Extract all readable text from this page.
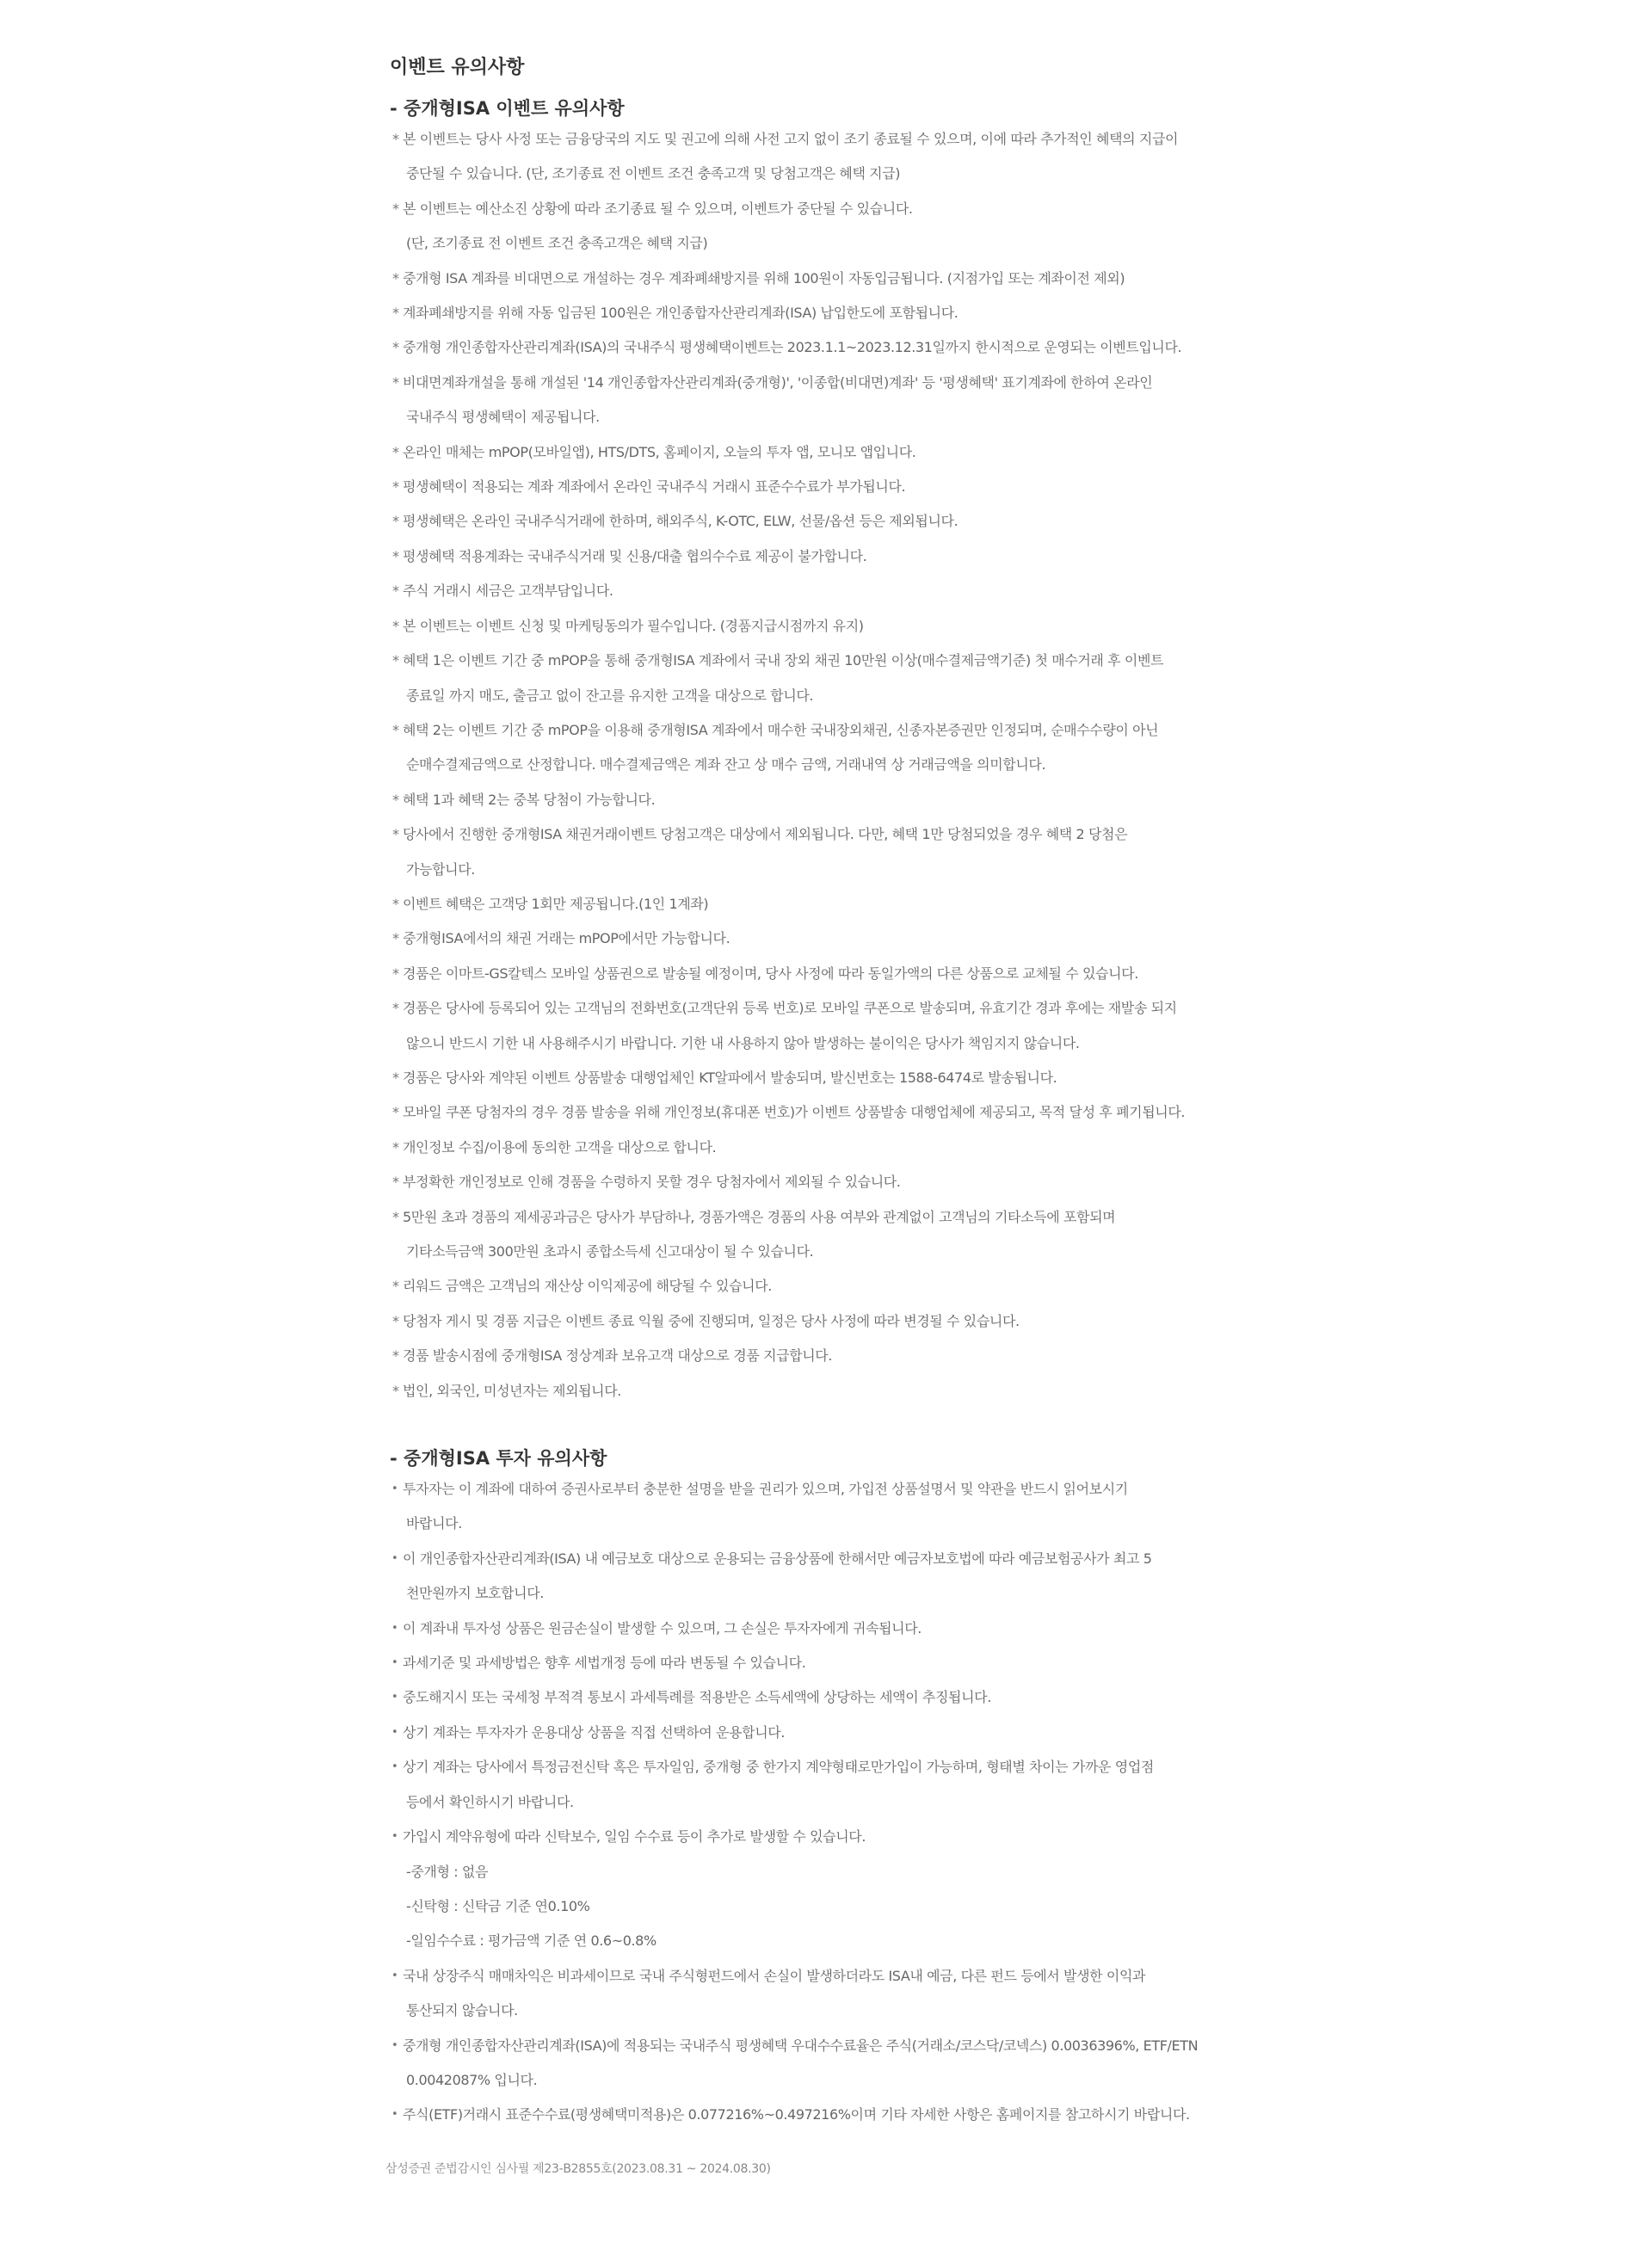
이벤트 유의사항
- 중개형ISA 이벤트 유의사항
* 본 이벤트는 당사 사정 또는 금융당국의 지도 및 권고에 의해 사전 고지 없이 조기 종료될 수 있으며, 이에 따라 추가적인 혜택의 지급이
중단될 수 있습니다. (단, 조기종료 전 이벤트 조건 충족고객 및 당첨고객은 혜택 지급)
* 본 이벤트는 예산소진 상황에 따라 조기종료 될 수 있으며, 이벤트가 중단될 수 있습니다.
(단, 조기종료 전 이벤트 조건 충족고객은 혜택 지급)
* 중개형 ISA 계좌를 비대면으로 개설하는 경우 계좌폐쇄방지를 위해 100원이 자동입금됩니다. (지점가입 또는 계좌이전 제외)
* 계좌폐쇄방지를 위해 자동 입금된 100원은 개인종합자산관리계좌(ISA) 납입한도에 포함됩니다.
* 중개형 개인종합자산관리계좌(ISA)의 국내주식 평생혜택이벤트는 2023.1.1~2023.12.31일까지 한시적으로 운영되는 이벤트입니다.
* 비대면계좌개설을 통해 개설된 '14 개인종합자산관리계좌(중개형)', '이종합(비대면)계좌' 등 '평생혜택' 표기계좌에 한하여 온라인
국내주식 평생혜택이 제공됩니다.
* 온라인 매체는 mPOP(모바일앱), HTS/DTS, 홈페이지, 오늘의 투자 앱, 모니모 앱입니다.
* 평생혜택이 적용되는 계좌 계좌에서 온라인 국내주식 거래시 표준수수료가 부가됩니다.
* 평생혜택은 온라인 국내주식거래에 한하며, 해외주식, K-OTC, ELW, 선물/옵션 등은 제외됩니다.
* 평생혜택 적용계좌는 국내주식거래 및 신용/대출 협의수수료 제공이 불가합니다.
* 주식 거래시 세금은 고객부담입니다.
* 본 이벤트는 이벤트 신청 및 마케팅동의가 필수입니다. (경품지급시점까지 유지)
* 혜택 1은 이벤트 기간 중 mPOP을 통해 중개형ISA 계좌에서 국내 장외 채권 10만원 이상(매수결제금액기준) 첫 매수거래 후 이벤트
종료일 까지 매도, 출금고 없이 잔고를 유지한 고객을 대상으로 합니다.
* 혜택 2는 이벤트 기간 중 mPOP을 이용해 중개형ISA 계좌에서 매수한 국내장외채권, 신종자본증권만 인정되며, 순매수수량이 아닌
순매수결제금액으로 산정합니다. 매수결제금액은 계좌 잔고 상 매수 금액, 거래내역 상 거래금액을 의미합니다.
* 혜택 1과 혜택 2는 중복 당첨이 가능합니다.
* 당사에서 진행한 중개형ISA 채권거래이벤트 당첨고객은 대상에서 제외됩니다. 다만, 혜택 1만 당첨되었을 경우 혜택 2 당첨은
가능합니다.
* 이벤트 혜택은 고객당 1회만 제공됩니다.(1인 1계좌)
* 중개형ISA에서의 채권 거래는 mPOP에서만 가능합니다.
* 경품은 이마트-GS칼텍스 모바일 상품권으로 발송될 예정이며, 당사 사정에 따라 동일가액의 다른 상품으로 교체될 수 있습니다.
* 경품은 당사에 등록되어 있는 고객님의 전화번호(고객단위 등록 번호)로 모바일 쿠폰으로 발송되며, 유효기간 경과 후에는 재발송 되지
않으니 반드시 기한 내 사용해주시기 바랍니다. 기한 내 사용하지 않아 발생하는 불이익은 당사가 책임지지 않습니다.
* 경품은 당사와 계약된 이벤트 상품발송 대행업체인 KT알파에서 발송되며, 발신번호는 1588-6474로 발송됩니다.
* 모바일 쿠폰 당첨자의 경우 경품 발송을 위해 개인정보(휴대폰 번호)가 이벤트 상품발송 대행업체에 제공되고, 목적 달성 후 폐기됩니다.
* 개인정보 수집/이용에 동의한 고객을 대상으로 합니다.
* 부정확한 개인정보로 인해 경품을 수령하지 못할 경우 당첨자에서 제외될 수 있습니다.
* 5만원 초과 경품의 제세공과금은 당사가 부담하나, 경품가액은 경품의 사용 여부와 관계없이 고객님의 기타소득에 포함되며
기타소득금액 300만원 초과시 종합소득세 신고대상이 될 수 있습니다.
* 리워드 금액은 고객님의 재산상 이익제공에 해당될 수 있습니다.
* 당첨자 게시 및 경품 지급은 이벤트 종료 익월 중에 진행되며, 일정은 당사 사정에 따라 변경될 수 있습니다.
* 경품 발송시점에 중개형ISA 정상계좌 보유고객 대상으로 경품 지급합니다.
* 법인, 외국인, 미성년자는 제외됩니다.
- 중개형ISA 투자 유의사항
• 투자자는 이 계좌에 대하여 증권사로부터 충분한 설명을 받을 권리가 있으며, 가입전 상품설명서 및 약관을 반드시 읽어보시기
바랍니다.
• 이 개인종합자산관리계좌(ISA) 내 예금보호 대상으로 운용되는 금융상품에 한해서만 예금자보호법에 따라 예금보험공사가 최고 5
천만원까지 보호합니다.
• 이 계좌내 투자성 상품은 원금손실이 발생할 수 있으며, 그 손실은 투자자에게 귀속됩니다.
• 과세기준 및 과세방법은 향후 세법개정 등에 따라 변동될 수 있습니다.
• 중도해지시 또는 국세청 부적격 통보시 과세특례를 적용받은 소득세액에 상당하는 세액이 추징됩니다.
• 상기 계좌는 투자자가 운용대상 상품을 직접 선택하여 운용합니다.
• 상기 계좌는 당사에서 특정금전신탁 혹은 투자일임, 중개형 중 한가지 계약형태로만가입이 가능하며, 형태별 차이는 가까운 영업점
등에서 확인하시기 바랍니다.
• 가입시 계약유형에 따라 신탁보수, 일임 수수료 등이 추가로 발생할 수 있습니다.
-중개형 : 없음
-신탁형 : 신탁금 기준 연0.10%
-일임수수료 : 평가금액 기준 연 0.6~0.8%
• 국내 상장주식 매매차익은 비과세이므로 국내 주식형펀드에서 손실이 발생하더라도 ISA내 예금, 다른 펀드 등에서 발생한 이익과
통산되지 않습니다.
• 중개형 개인종합자산관리계좌(ISA)에 적용되는 국내주식 평생혜택 우대수수료율은 주식(거래소/코스닥/코넥스) 0.0036396%, ETF/ETN
0.0042087% 입니다.
• 주식(ETF)거래시 표준수수료(평생혜택미적용)은 0.077216%~0.497216%이며 기타 자세한 사항은 홈페이지를 참고하시기 바랍니다.
삼성증권 준법감시인 심사필 제23-B2855호(2023.08.31 ~ 2024.08.30)
